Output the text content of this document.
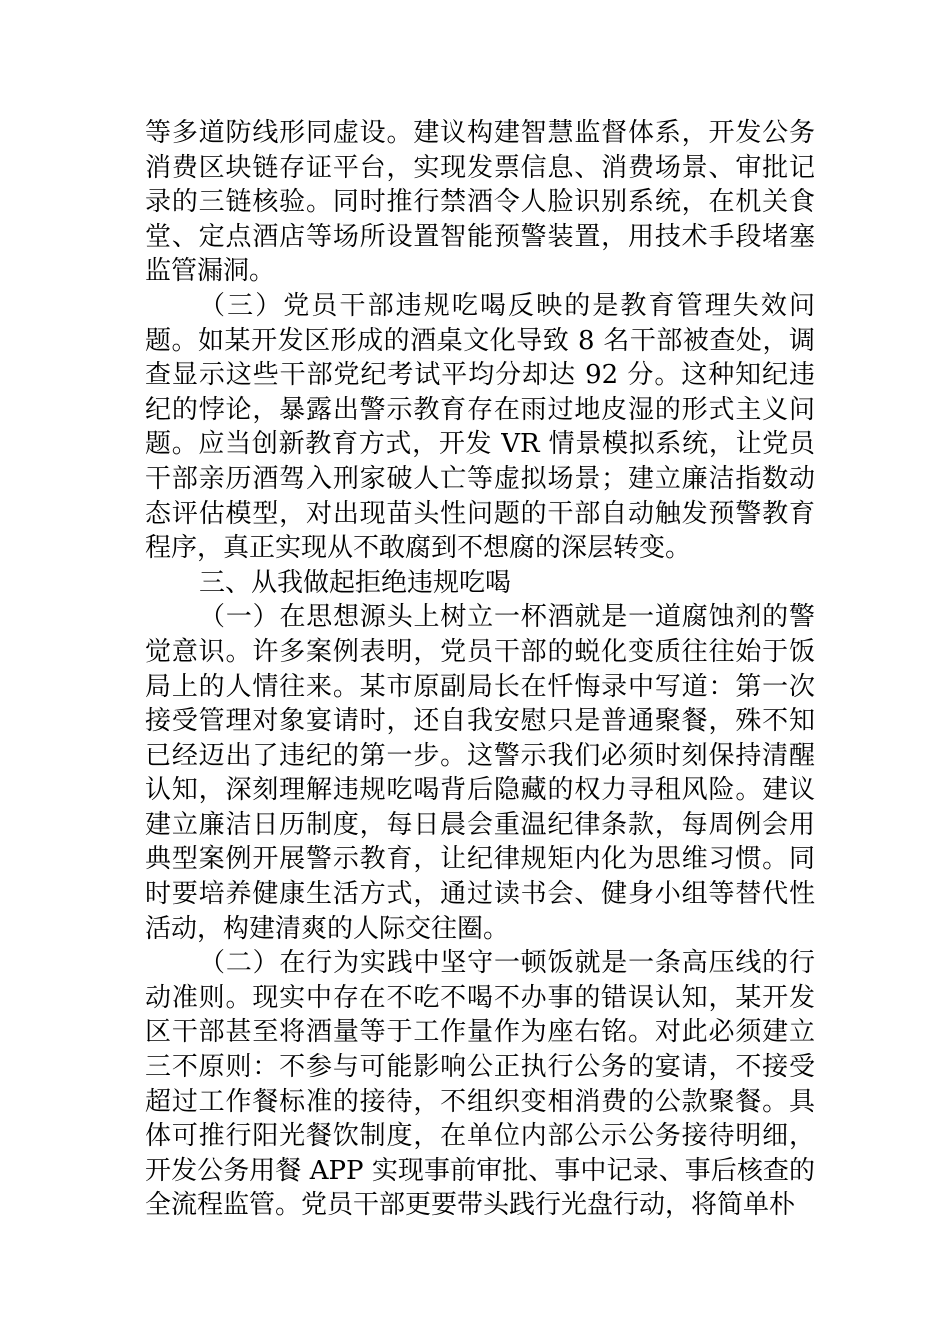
等多道防线形同虚设。建议构建智慧监督体系，开发公务消费区块链存证平台，实现发票信息、消费场景、审批记录的三链核验。同时推行禁酒令人脸识别系统，在机关食堂、定点酒店等场所设置智能预警装置，用技术手段堵塞监管漏洞。

（三）党员干部违规吃喝反映的是教育管理失效问题。如某开发区形成的酒桌文化导致 8 名干部被查处，调查显示这些干部党纪考试平均分却达 92 分。这种知纪违纪的悖论，暴露出警示教育存在雨过地皮湿的形式主义问题。应当创新教育方式，开发 VR 情景模拟系统，让党员干部亲历酒驾入刑家破人亡等虚拟场景；建立廉洁指数动态评估模型，对出现苗头性问题的干部自动触发预警教育程序，真正实现从不敢腐到不想腐的深层转变。

三、从我做起拒绝违规吃喝

（一）在思想源头上树立一杯酒就是一道腐蚀剂的警觉意识。许多案例表明，党员干部的蜕化变质往往始于饭局上的人情往来。某市原副局长在忏悔录中写道：第一次接受管理对象宴请时，还自我安慰只是普通聚餐，殊不知已经迈出了违纪的第一步。这警示我们必须时刻保持清醒认知，深刻理解违规吃喝背后隐藏的权力寻租风险。建议建立廉洁日历制度，每日晨会重温纪律条款，每周例会用典型案例开展警示教育，让纪律规矩内化为思维习惯。同时要培养健康生活方式，通过读书会、健身小组等替代性活动，构建清爽的人际交往圈。

（二）在行为实践中坚守一顿饭就是一条高压线的行动准则。现实中存在不吃不喝不办事的错误认知，某开发区干部甚至将酒量等于工作量作为座右铭。对此必须建立三不原则：不参与可能影响公正执行公务的宴请，不接受超过工作餐标准的接待，不组织变相消费的公款聚餐。具体可推行阳光餐饮制度，在单位内部公示公务接待明细，开发公务用餐 APP 实现事前审批、事中记录、事后核查的全流程监管。党员干部更要带头践行光盘行动，将简单朴
